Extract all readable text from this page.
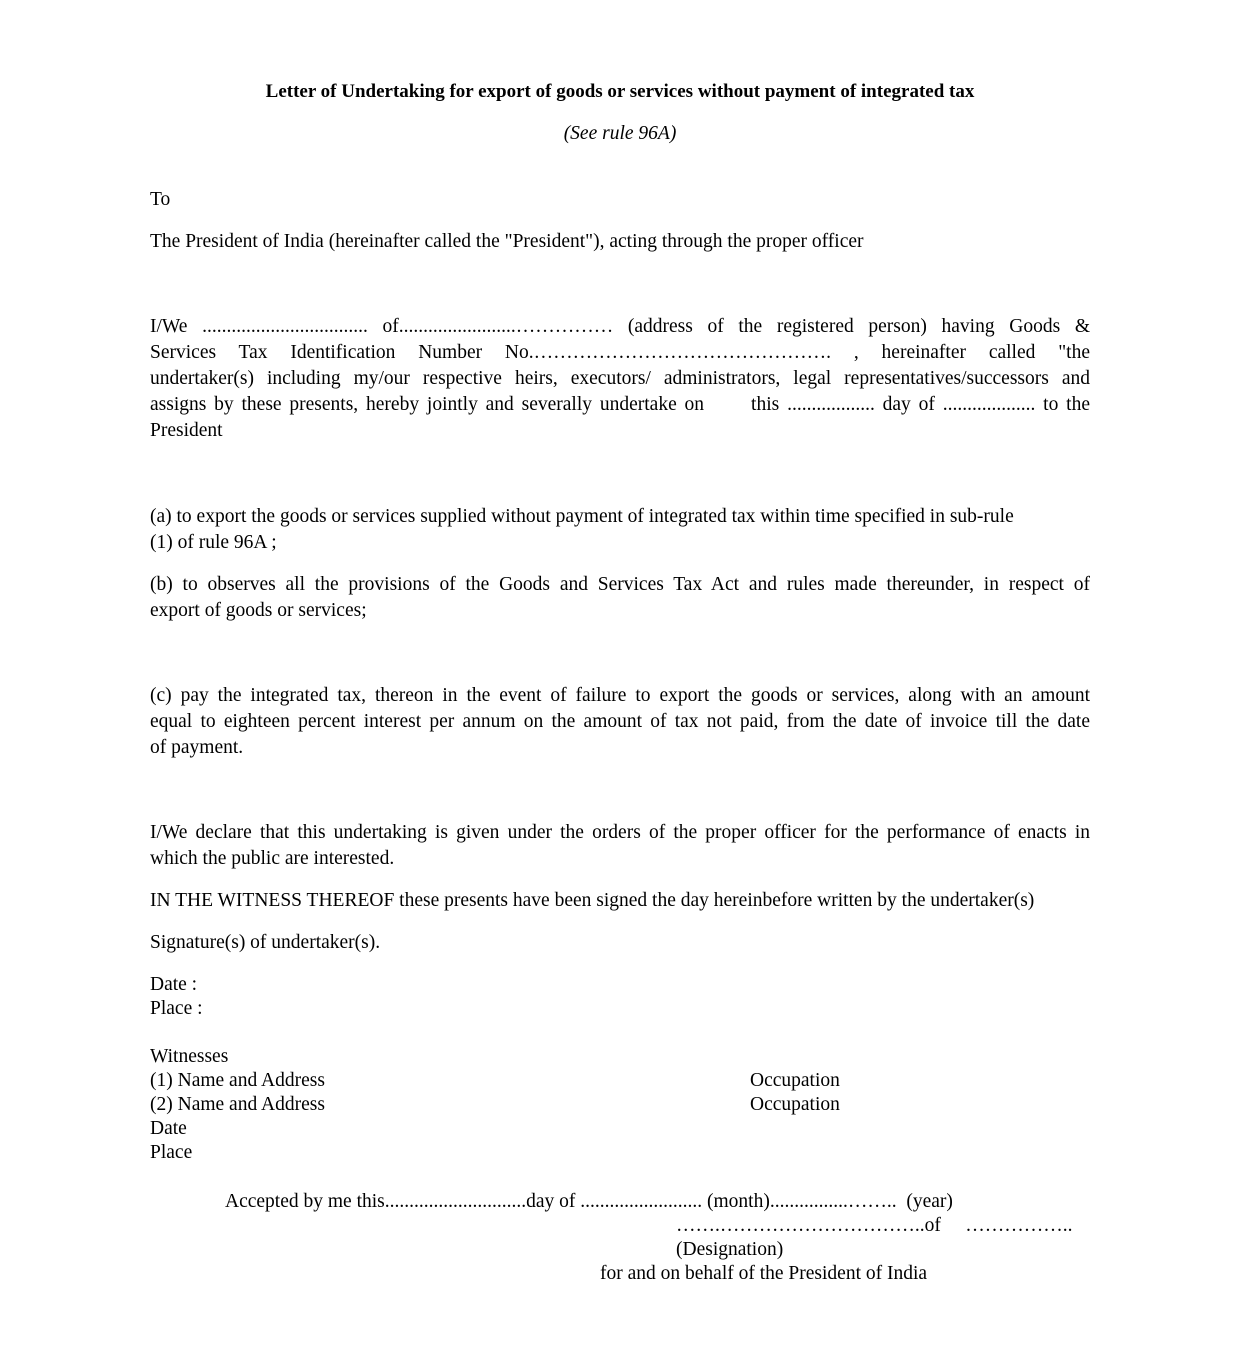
Letter of Undertaking for export of goods or services without payment of integrated tax
(See rule 96A)
To
The President of India (hereinafter called the "President"), acting through the proper officer
I/We .................................. of........................…………… (address of the registered person) having Goods &
Services Tax Identification Number No.………………………………………. , hereinafter called "the
undertaker(s) including my/our respective heirs, executors/ administrators, legal representatives/successors and
assigns by these presents, hereby jointly and severally undertake on      this .................. day of ................... to the
President
(a) to export the goods or services supplied without payment of integrated tax within time specified in sub-rule
(1) of rule 96A ;
(b) to observes all the provisions of the Goods and Services Tax Act and rules made thereunder, in respect of
export of goods or services;
(c) pay the integrated tax, thereon in the event of failure to export the goods or services, along with an amount
equal to eighteen percent interest per annum on the amount of tax not paid, from the date of invoice till the date
of payment.
I/We declare that this undertaking is given under the orders of the proper officer for the performance of enacts in
which the public are interested.
IN THE WITNESS THEREOF these presents have been signed the day hereinbefore written by the undertaker(s)
Signature(s) of undertaker(s).
Date :
Place :
Witnesses
(1) Name and Address	Occupation
(2) Name and Address	Occupation
Date
Place
Accepted by me this.............................day of ......................... (month)................……..  (year)
…….…………………………..of     ……………..
(Designation)
for and on behalf of the President of India
